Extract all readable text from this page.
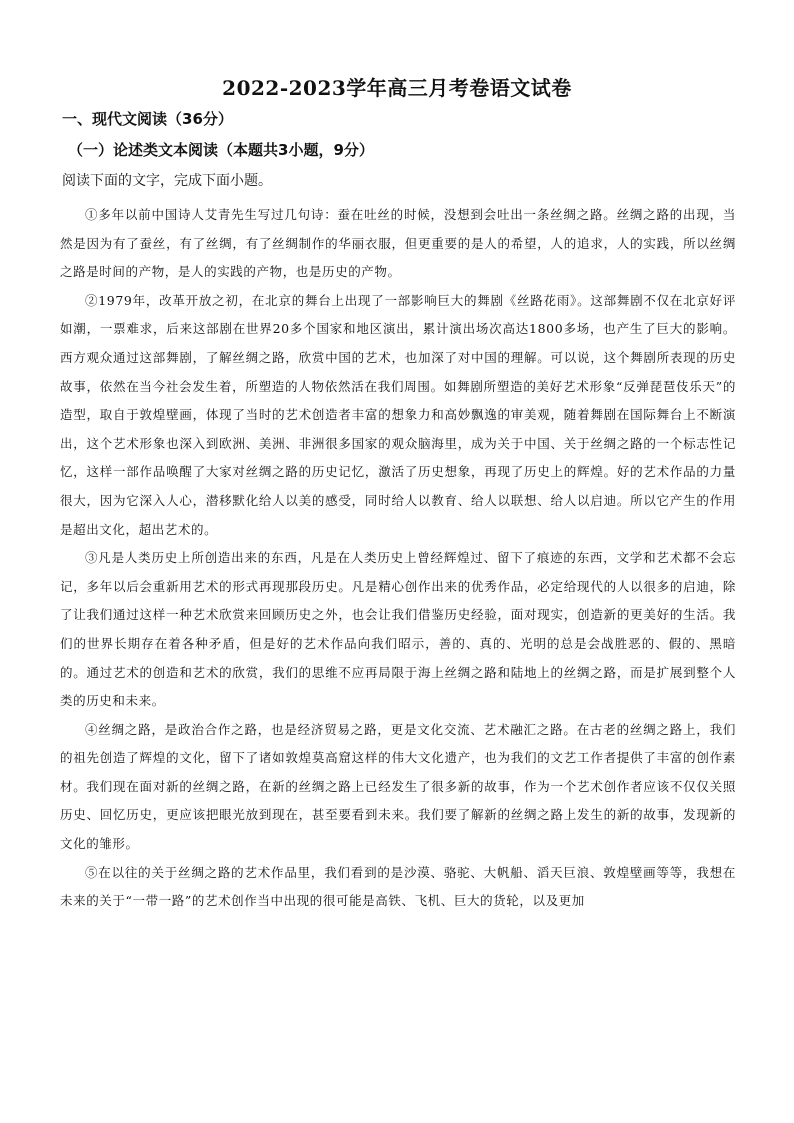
2022-2023学年高三月考卷语文试卷
一、现代文阅读（36分）
（一）论述类文本阅读（本题共3小题，9分）
阅读下面的文字，完成下面小题。

①多年以前中国诗人艾青先生写过几句诗：蚕在吐丝的时候，没想到会吐出一条丝绸之路。丝绸之路的出现，当然是因为有了蚕丝，有了丝绸，有了丝绸制作的华丽衣服，但更重要的是人的希望，人的追求，人的实践，所以丝绸之路是时间的产物，是人的实践的产物，也是历史的产物。

②1979年，改革开放之初，在北京的舞台上出现了一部影响巨大的舞剧《丝路花雨》。这部舞剧不仅在北京好评如潮，一票难求，后来这部剧在世界20多个国家和地区演出，累计演出场次高达1800多场，也产生了巨大的影响。西方观众通过这部舞剧，了解丝绸之路，欣赏中国的艺术，也加深了对中国的理解。可以说，这个舞剧所表现的历史故事，依然在当今社会发生着，所塑造的人物依然活在我们周围。如舞剧所塑造的美好艺术形象“反弹琵琶伎乐天”的造型，取自于敦煌壁画，体现了当时的艺术创造者丰富的想象力和高妙飘逸的审美观，随着舞剧在国际舞台上不断演出，这个艺术形象也深入到欧洲、美洲、非洲很多国家的观众脑海里，成为关于中国、关于丝绸之路的一个标志性记忆，这样一部作品唤醒了大家对丝绸之路的历史记忆，激活了历史想象，再现了历史上的辉煌。好的艺术作品的力量很大，因为它深入人心，潜移默化给人以美的感受，同时给人以教育、给人以联想、给人以启迪。所以它产生的作用是超出文化，超出艺术的。

③凡是人类历史上所创造出来的东西，凡是在人类历史上曾经辉煌过、留下了痕迹的东西，文学和艺术都不会忘记，多年以后会重新用艺术的形式再现那段历史。凡是精心创作出来的优秀作品，必定给现代的人以很多的启迪，除了让我们通过这样一种艺术欣赏来回顾历史之外，也会让我们借鉴历史经验，面对现实，创造新的更美好的生活。我们的世界长期存在着各种矛盾，但是好的艺术作品向我们昭示，善的、真的、光明的总是会战胜恶的、假的、黑暗的。通过艺术的创造和艺术的欣赏，我们的思维不应再局限于海上丝绸之路和陆地上的丝绸之路，而是扩展到整个人类的历史和未来。

④丝绸之路，是政治合作之路，也是经济贸易之路，更是文化交流、艺术融汇之路。在古老的丝绸之路上，我们的祖先创造了辉煌的文化，留下了诸如敦煌莫高窟这样的伟大文化遗产，也为我们的文艺工作者提供了丰富的创作素材。我们现在面对新的丝绸之路，在新的丝绸之路上已经发生了很多新的故事，作为一个艺术创作者应该不仅仅关照历史、回忆历史，更应该把眼光放到现在，甚至要看到未来。我们要了解新的丝绸之路上发生的新的故事，发现新的文化的雏形。

⑤在以往的关于丝绸之路的艺术作品里，我们看到的是沙漠、骆驼、大帆船、滔天巨浪、敦煌壁画等等，我想在未来的关于“一带一路”的艺术创作当中出现的很可能是高铁、飞机、巨大的货轮，以及更加
